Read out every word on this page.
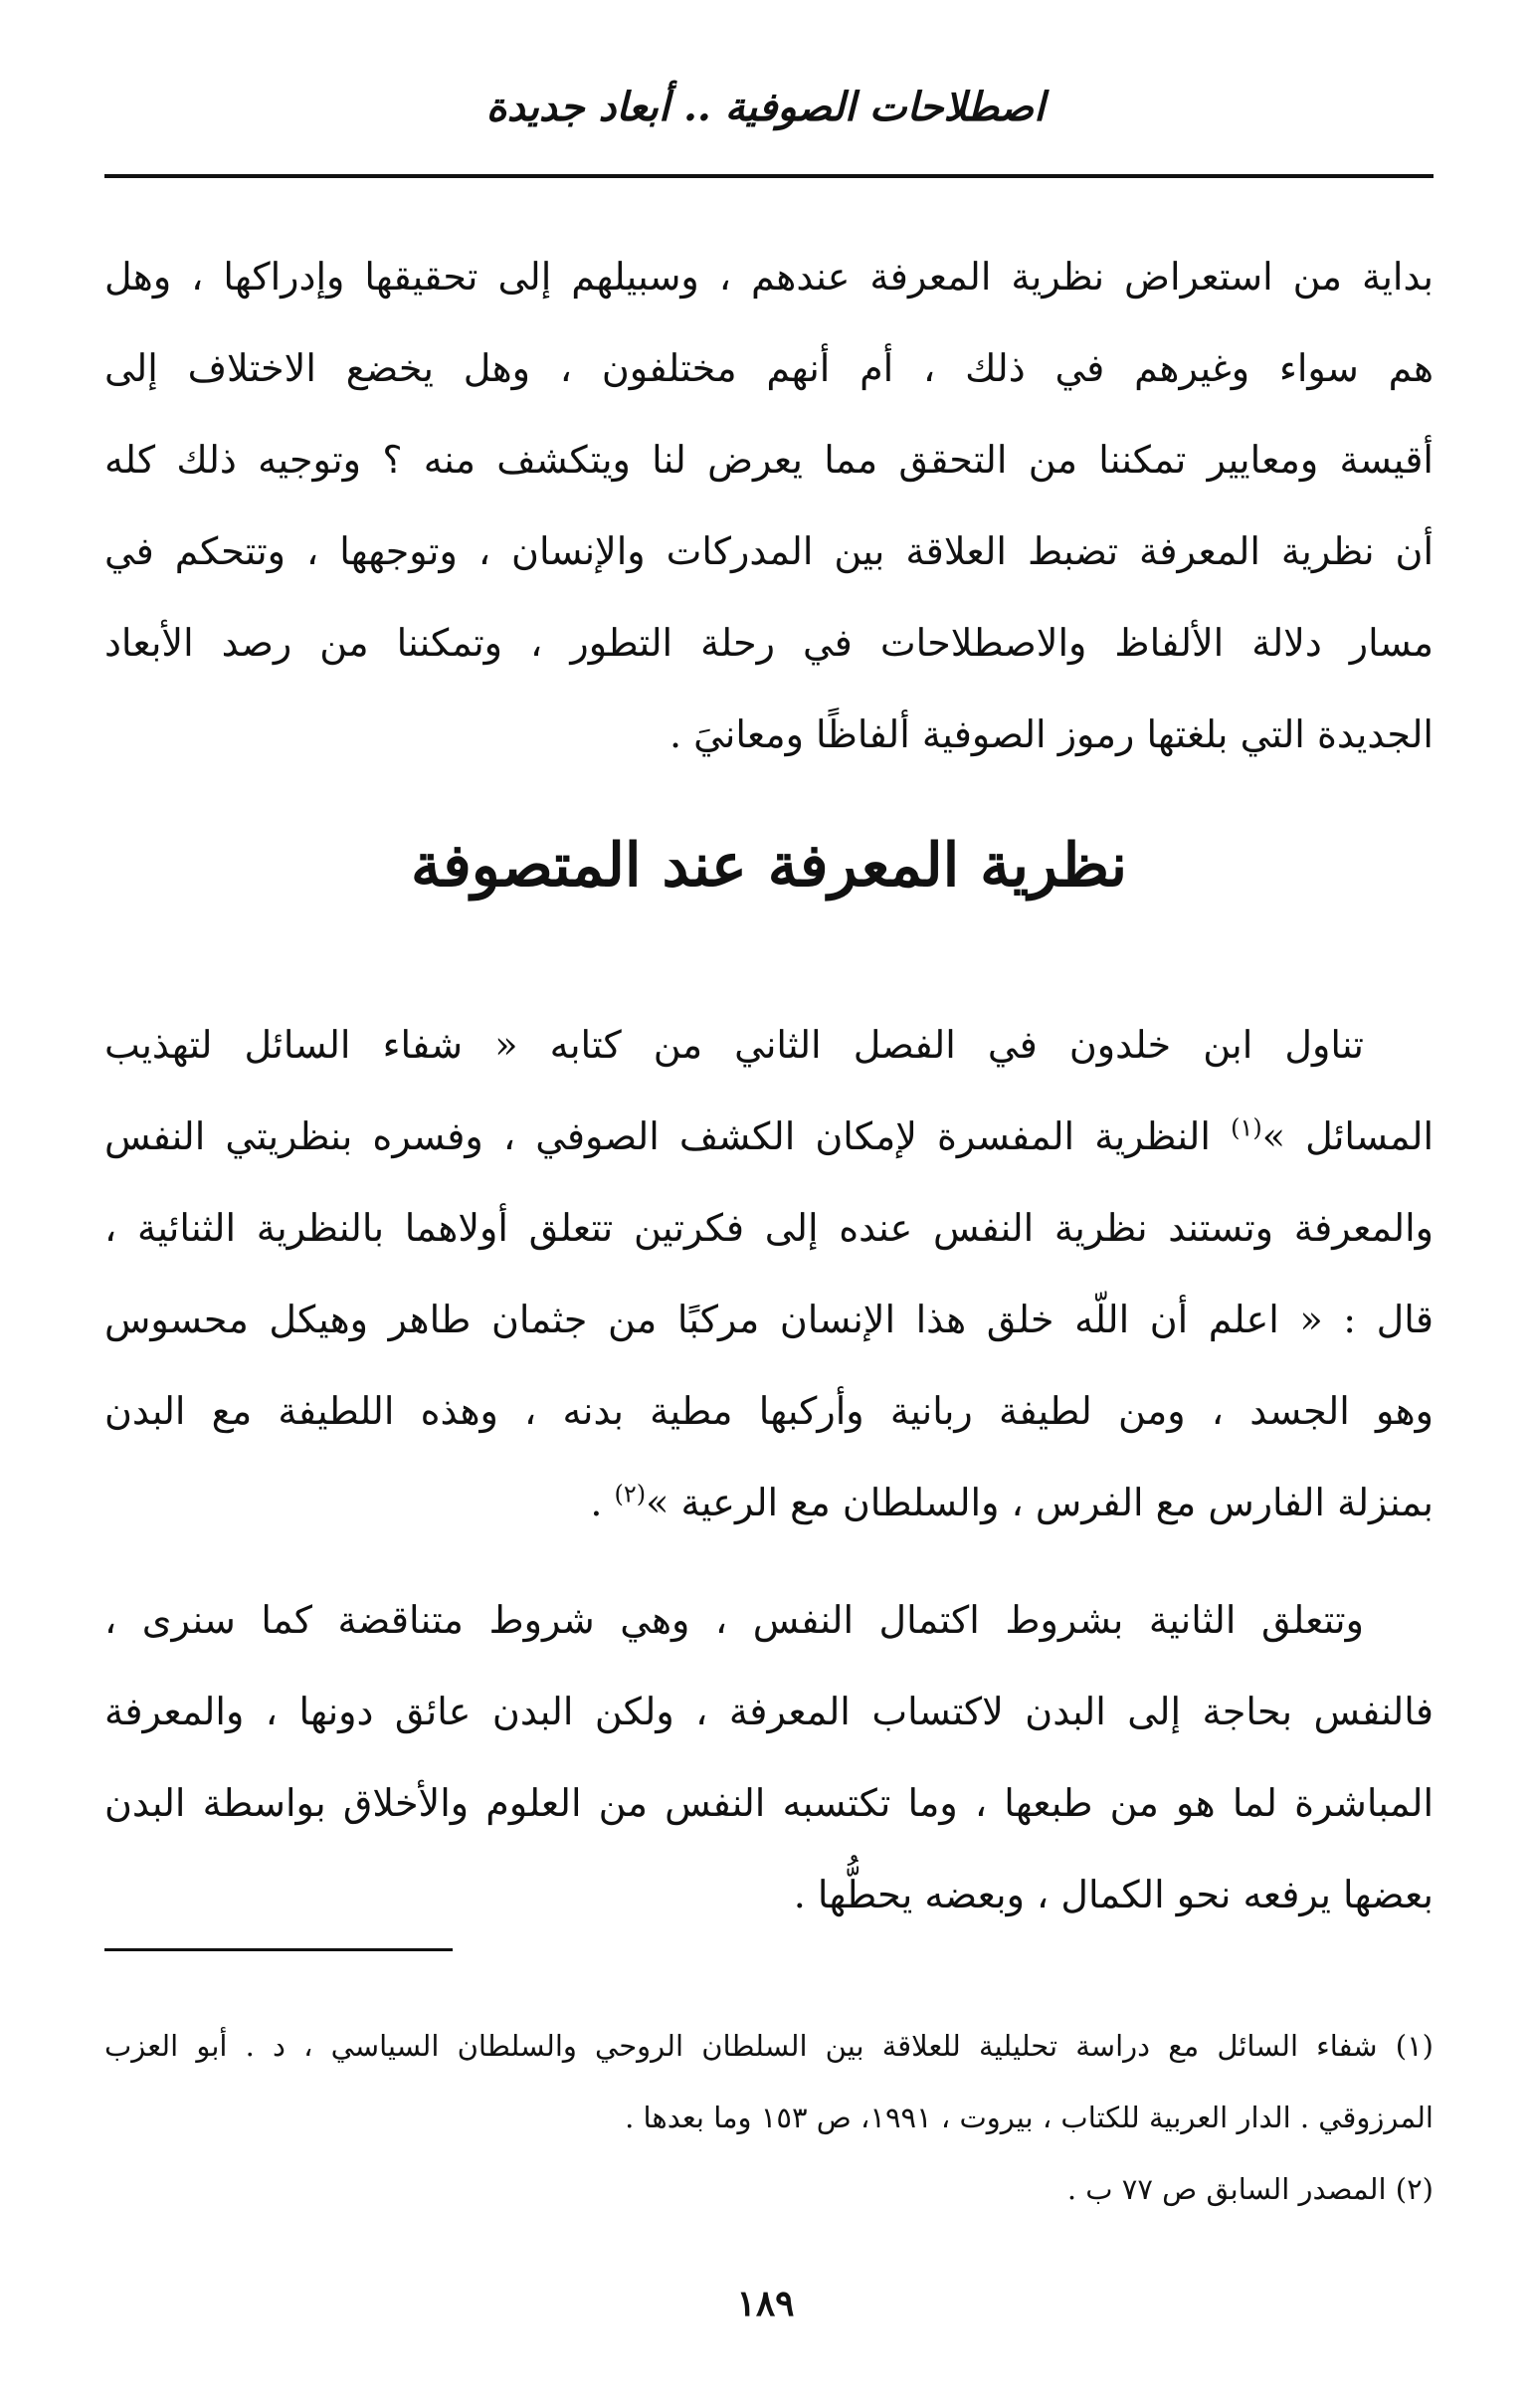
اصطلاحات الصوفية .. أبعاد جديدة
بداية من استعراض نظرية المعرفة عندهم ، وسبيلهم إلى تحقيقها وإدراكها ، وهل
هم سواء وغيرهم في ذلك ، أم أنهم مختلفون ، وهل يخضع الاختلاف إلى
أقيسة ومعايير تمكننا من التحقق مما يعرض لنا ويتكشف منه ؟ وتوجيه ذلك كله
أن نظرية المعرفة تضبط العلاقة بين المدركات والإنسان ، وتوجهها ، وتتحكم في
مسار دلالة الألفاظ والاصطلاحات في رحلة التطور ، وتمكننا من رصد الأبعاد
الجديدة التي بلغتها رموز الصوفية ألفاظًا ومعانيَ .
نظرية المعرفة عند المتصوفة
تناول ابن خلدون في الفصل الثاني من كتابه « شفاء السائل لتهذيب
المسائل »$^{(١)}$ النظرية المفسرة لإمكان الكشف الصوفي ، وفسره بنظريتي النفس
والمعرفة وتستند نظرية النفس عنده إلى فكرتين تتعلق أولاهما بالنظرية الثنائية ،
قال : « اعلم أن اللّه خلق هذا الإنسان مركبًا من جثمان طاهر وهيكل محسوس
وهو الجسد ، ومن لطيفة ربانية وأركبها مطية بدنه ، وهذه اللطيفة مع البدن
بمنزلة الفارس مع الفرس ، والسلطان مع الرعية »$^{(٢)}$ .
وتتعلق الثانية بشروط اكتمال النفس ، وهي شروط متناقضة كما سنرى ،
فالنفس بحاجة إلى البدن لاكتساب المعرفة ، ولكن البدن عائق دونها ، والمعرفة
المباشرة لما هو من طبعها ، وما تكتسبه النفس من العلوم والأخلاق بواسطة البدن
بعضها يرفعه نحو الكمال ، وبعضه يحطُّها .
(١) شفاء السائل مع دراسة تحليلية للعلاقة بين السلطان الروحي والسلطان السياسي ، د . أبو العزب
المرزوقي . الدار العربية للكتاب ، بيروت ، ١٩٩١، ص ١٥٣ وما بعدها .
(٢) المصدر السابق ص ٧٧ ب .
١٨٩
